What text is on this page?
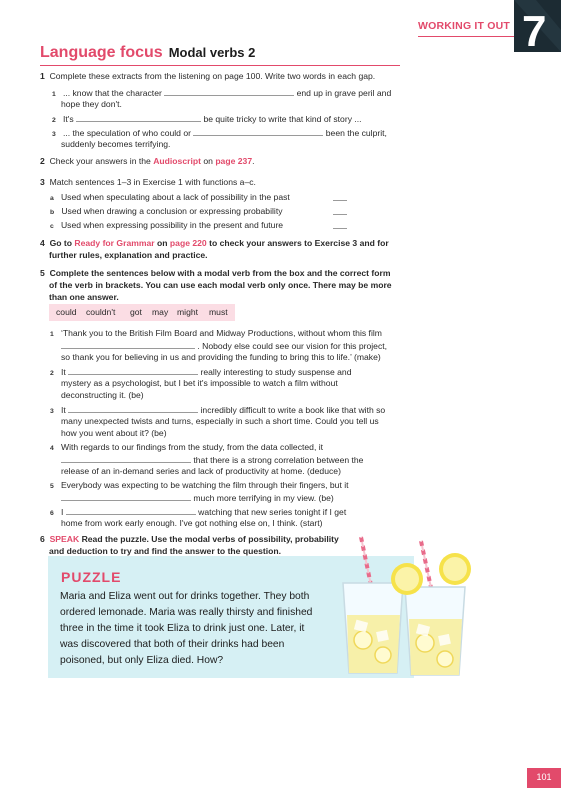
WORKING IT OUT 7
Language focus Modal verbs 2
1 Complete these extracts from the listening on page 100. Write two words in each gap.
1 ... know that the character	end up in grave peril and
hope they don't.
2 It's	be quite tricky to write that kind of story ...
3 ... the speculation of who could or	been the culprit,
suddenly becomes terrifying.
2 Check your answers in the Audioscript on page 237.
3 Match sentences 1–3 in Exercise 1 with functions a–c.
a Used when speculating about a lack of possibility in the past
b Used when drawing a conclusion or expressing probability
c Used when expressing possibility in the present and future
4 Go to Ready for Grammar on page 220 to check your answers to Exercise 3 and for
further rules, explanation and practice.
5 Complete the sentences below with a modal verb from the box and the correct form
of the verb in brackets. You can use each modal verb only once. There may be more
than one answer.
could couldn't got may might must
1 ‘Thank you to the British Film Board and Midway Productions, without whom this film
. Nobody else could see our vision for this project,
so thank you for believing in us and providing the funding to bring this to life.’ (make)
2 It	really interesting to study suspense and
mystery as a psychologist, but I bet it's impossible to watch a film without
deconstructing it. (be)
3 It	incredibly difficult to write a book like that with so
many unexpected twists and turns, especially in such a short time. Could you tell us
how you went about it? (be)
4 With regards to our findings from the study, from the data collected, it
that there is a strong correlation between the
release of an in-demand series and lack of productivity at home. (deduce)
5 Everybody was expecting to be watching the film through their fingers, but it
much more terrifying in my view. (be)
6 I	watching that new series tonight if I get
home from work early enough. I've got nothing else on, I think. (start)
6 SPEAK Read the puzzle. Use the modal verbs of possibility, probability
and deduction to try and find the answer to the question.
PUZZLE
Maria and Eliza went out for drinks together. They both
ordered lemonade. Maria was really thirsty and finished
three in the time it took Eliza to drink just one. Later, it
was discovered that both of their drinks had been
poisoned, but only Eliza died. How?
101
